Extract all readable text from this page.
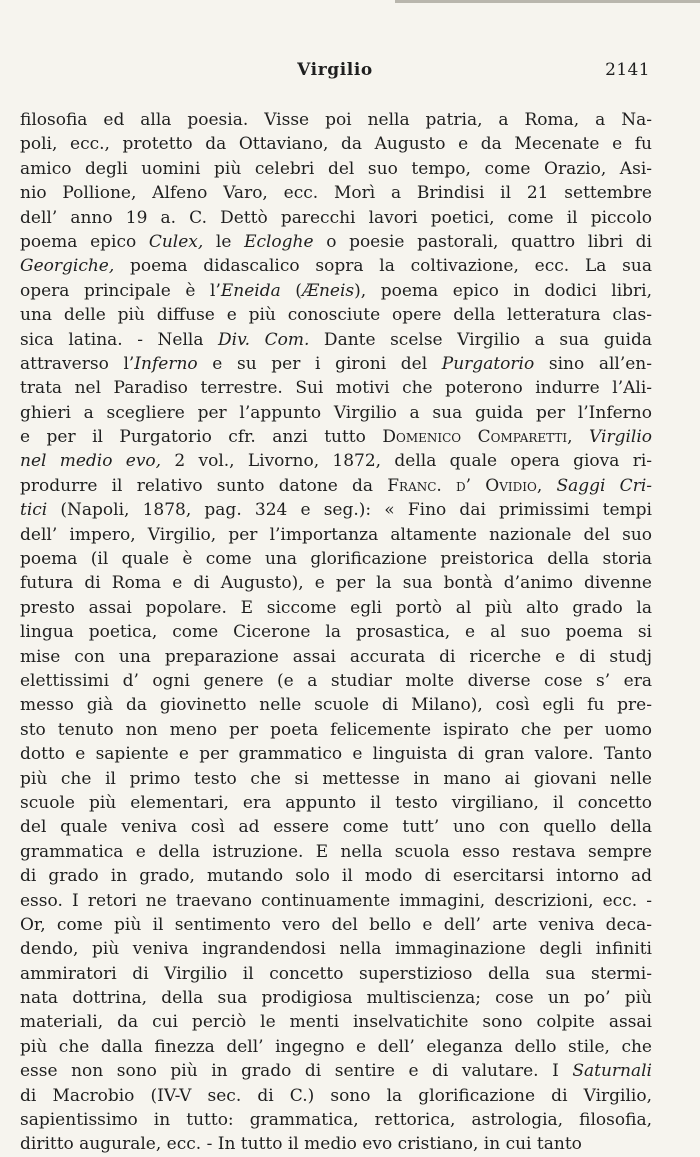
Virgilio	2141
filosofia ed alla poesia. Visse poi nella patria, a Roma, a Na-
poli, ecc., protetto da Ottaviano, da Augusto e da Mecenate e fu
amico degli uomini più celebri del suo tempo, come Orazio, Asi-
nio Pollione, Alfeno Varo, ecc. Morì a Brindisi il 21 settembre
dell’ anno 19 a. C. Dettò parecchi lavori poetici, come il piccolo
poema epico Culex, le Ecloghe o poesie pastorali, quattro libri di
Georgiche, poema didascalico sopra la coltivazione, ecc. La sua
opera principale è l’Eneida (Æneis), poema epico in dodici libri,
una delle più diffuse e più conosciute opere della letteratura clas-
sica latina. - Nella Div. Com. Dante scelse Virgilio a sua guida
attraverso l’Inferno e su per i gironi del Purgatorio sino all’en-
trata nel Paradiso terrestre. Sui motivi che poterono indurre l’Ali-
ghieri a scegliere per l’appunto Virgilio a sua guida per l’Inferno
e per il Purgatorio cfr. anzi tutto Domenico Comparetti, Virgilio
nel medio evo, 2 vol., Livorno, 1872, della quale opera giova ri-
produrre il relativo sunto datone da Franc. d’ Ovidio, Saggi Cri-
tici (Napoli, 1878, pag. 324 e seg.): « Fino dai primissimi tempi
dell’ impero, Virgilio, per l’importanza altamente nazionale del suo
poema (il quale è come una glorificazione preistorica della storia
futura di Roma e di Augusto), e per la sua bontà d’animo divenne
presto assai popolare. E siccome egli portò al più alto grado la
lingua poetica, come Cicerone la prosastica, e al suo poema si
mise con una preparazione assai accurata di ricerche e di studj
elettissimi d’ ogni genere (e a studiar molte diverse cose s’ era
messo già da giovinetto nelle scuole di Milano), così egli fu pre-
sto tenuto non meno per poeta felicemente ispirato che per uomo
dotto e sapiente e per grammatico e linguista di gran valore. Tanto
più che il primo testo che si mettesse in mano ai giovani nelle
scuole più elementari, era appunto il testo virgiliano, il concetto
del quale veniva così ad essere come tutt’ uno con quello della
grammatica e della istruzione. E nella scuola esso restava sempre
di grado in grado, mutando solo il modo di esercitarsi intorno ad
esso. I retori ne traevano continuamente immagini, descrizioni, ecc. -
Or, come più il sentimento vero del bello e dell’ arte veniva deca-
dendo, più veniva ingrandendosi nella immaginazione degli infiniti
ammiratori di Virgilio il concetto superstizioso della sua stermi-
nata dottrina, della sua prodigiosa multiscienza; cose un po’ più
materiali, da cui perciò le menti inselvatichite sono colpite assai
più che dalla finezza dell’ ingegno e dell’ eleganza dello stile, che
esse non sono più in grado di sentire e di valutare. I Saturnali
di Macrobio (IV-V sec. di C.) sono la glorificazione di Virgilio,
sapientissimo in tutto: grammatica, rettorica, astrologia, filosofia,
diritto augurale, ecc. - In tutto il medio evo cristiano, in cui tanto
